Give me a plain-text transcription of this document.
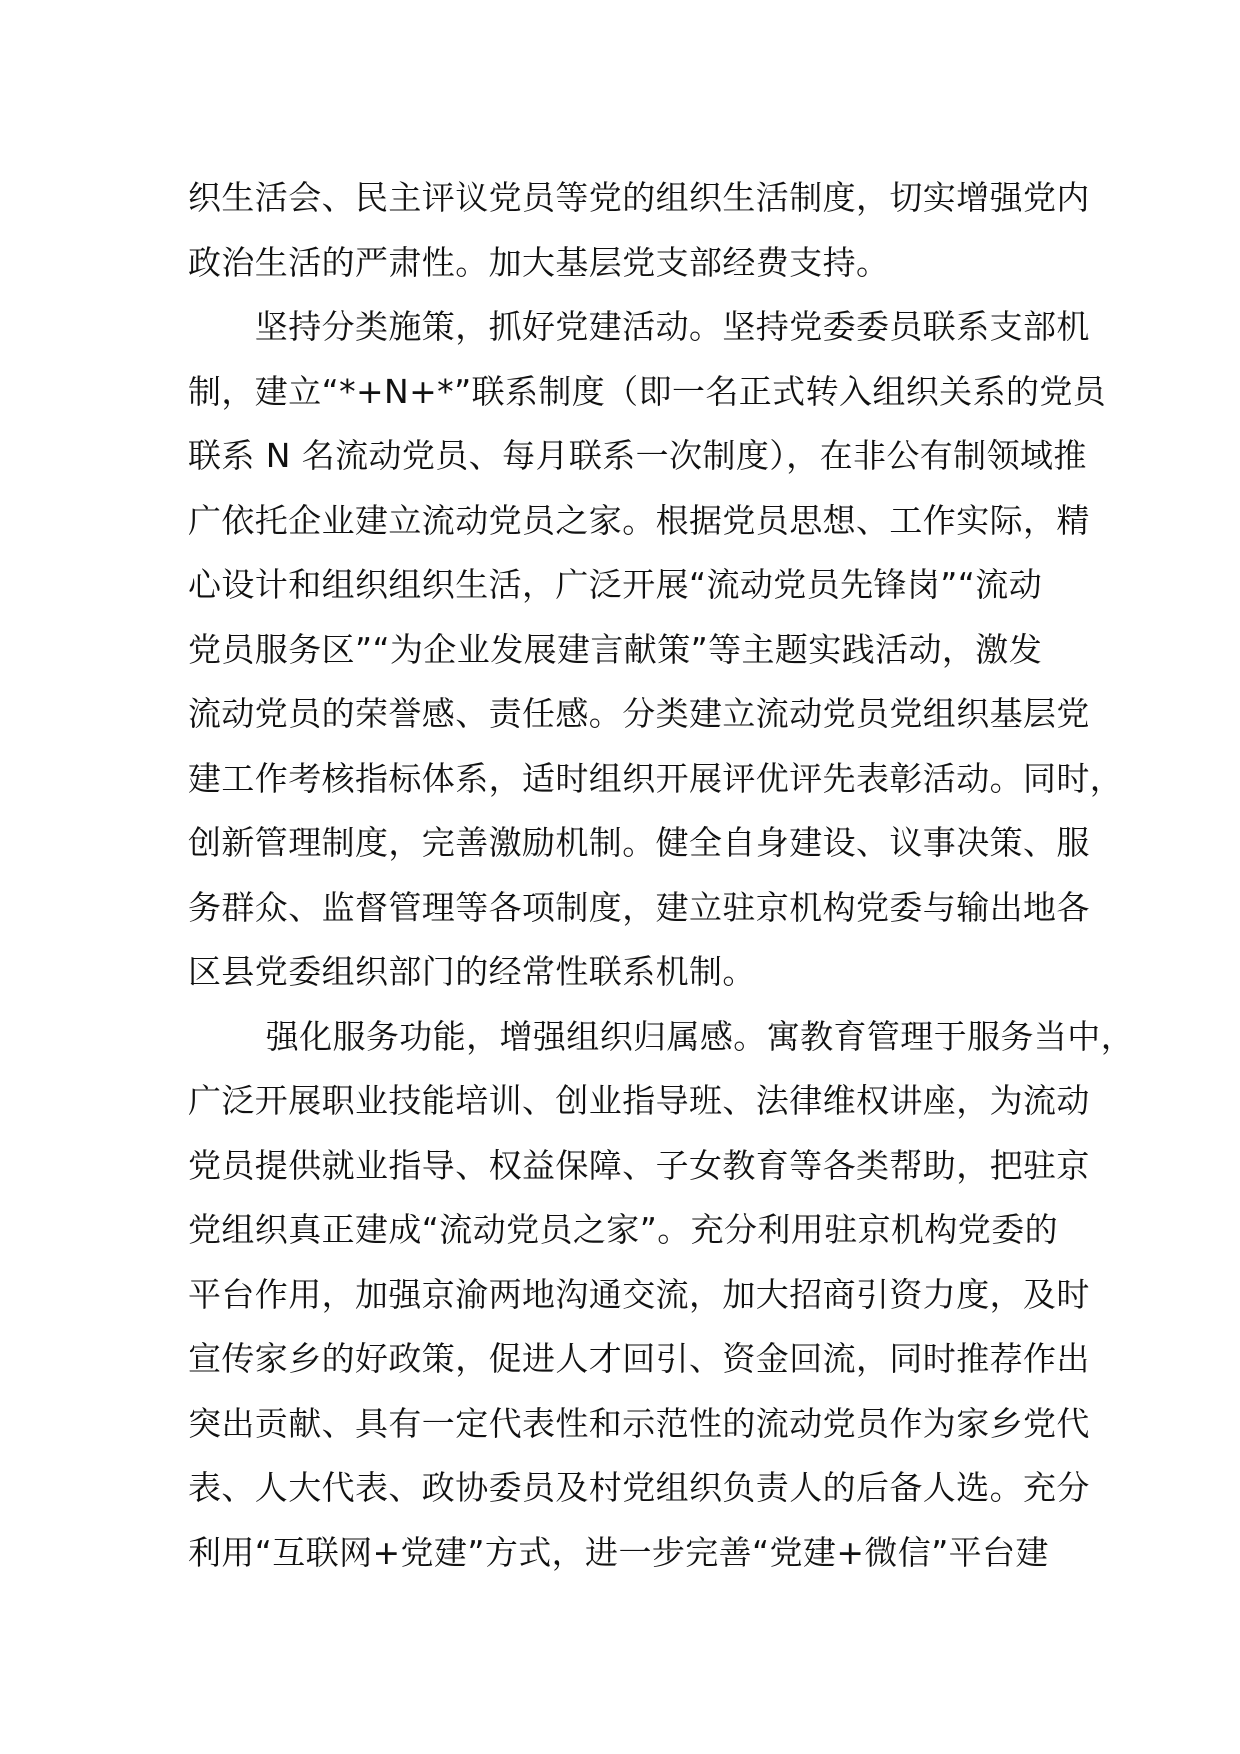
织生活会、民主评议党员等党的组织生活制度，切实增强党内
政治生活的严肃性。加大基层党支部经费支持。
　　坚持分类施策，抓好党建活动。坚持党委委员联系支部机
制，建立“*+N+*”联系制度（即一名正式转入组织关系的党员
联系 N 名流动党员、每月联系一次制度），在非公有制领域推
广依托企业建立流动党员之家。根据党员思想、工作实际，精
心设计和组织组织生活，广泛开展“流动党员先锋岗”“流动
党员服务区”“为企业发展建言献策”等主题实践活动，激发
流动党员的荣誉感、责任感。分类建立流动党员党组织基层党
建工作考核指标体系，适时组织开展评优评先表彰活动。同时，
创新管理制度，完善激励机制。健全自身建设、议事决策、服
务群众、监督管理等各项制度，建立驻京机构党委与输出地各
区县党委组织部门的经常性联系机制。
　　 强化服务功能，增强组织归属感。寓教育管理于服务当中，
广泛开展职业技能培训、创业指导班、法律维权讲座，为流动
党员提供就业指导、权益保障、子女教育等各类帮助，把驻京
党组织真正建成“流动党员之家”。充分利用驻京机构党委的
平台作用，加强京渝两地沟通交流，加大招商引资力度，及时
宣传家乡的好政策，促进人才回引、资金回流，同时推荐作出
突出贡献、具有一定代表性和示范性的流动党员作为家乡党代
表、人大代表、政协委员及村党组织负责人的后备人选。充分
利用“互联网+党建”方式，进一步完善“党建+微信”平台建
